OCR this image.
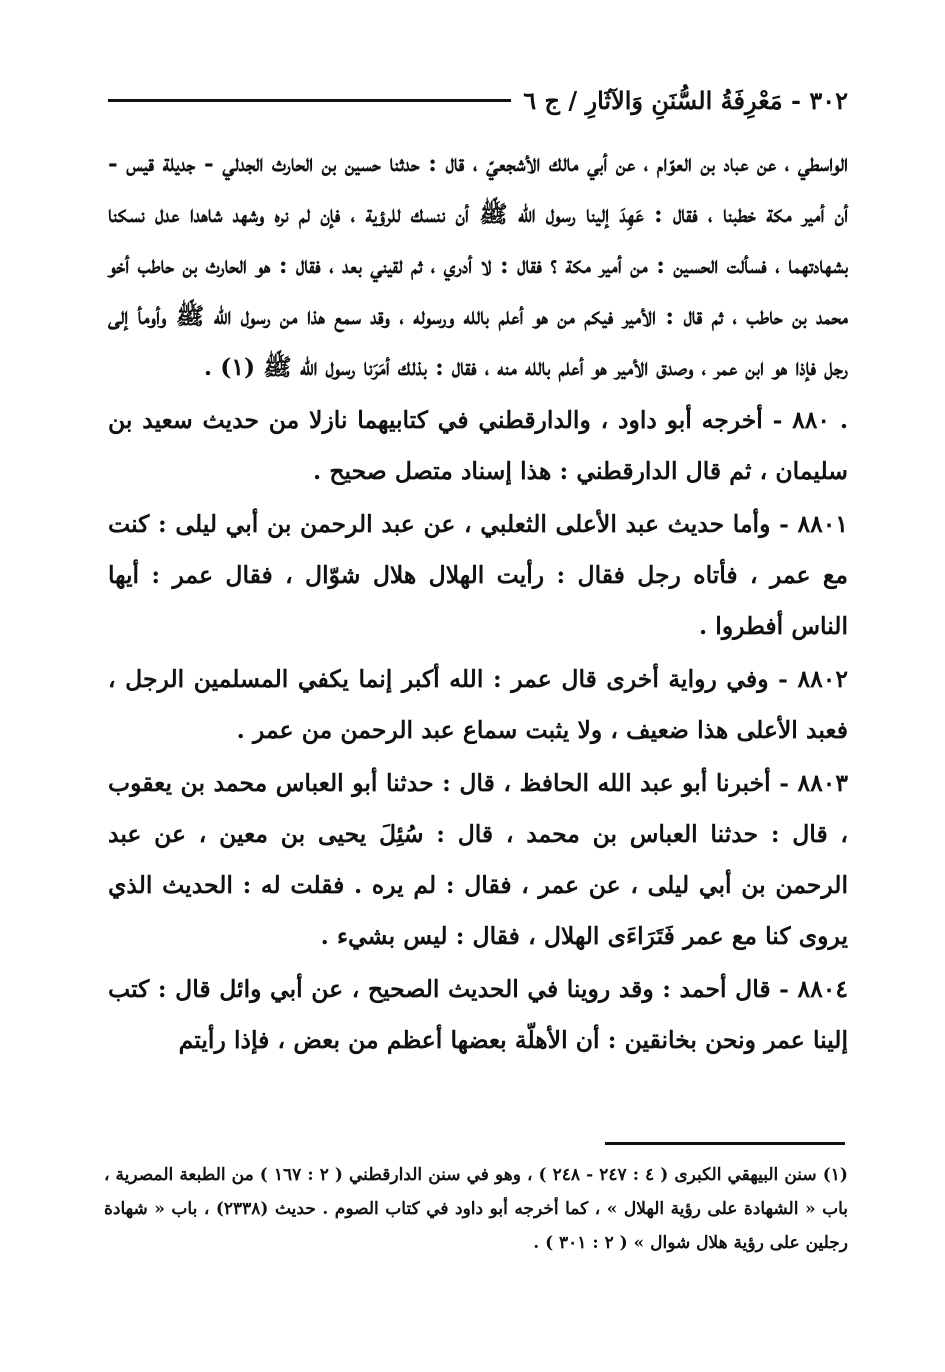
٣٠٢ - مَعْرِفَةُ السُّنَنِ وَالآثَارِ / ج ٦

الواسطي ، عن عباد بن العوّام ، عن أبي مالك الأشجعيّ ، قال : حدثنا حسين بن الحارث الجدلي - جديلة قيس - أن أمير مكة خطبنا ، فقال : عَهِدَ إلينا رسول الله ﷺ أن ننسك للرؤية ، فإن لم نره وشهد شاهدا عدل نسكنا بشهادتهما ، فسألت الحسين : من أمير مكة ؟ فقال : لا أدري ، ثم لقيني بعد ، فقال : هو الحارث بن حاطب أخو محمد بن حاطب ، ثم قال : الأمير فيكم من هو أعلم بالله ورسوله ، وقد سمع هذا من رسول الله ﷺ وأومأ إلى رجل فإذا هو ابن عمر ، وصدق الأمير هو أعلم بالله منه ، فقال : بذلك أمَرَنا رسول الله ﷺ (١) .

. ٨٨٠ - أخرجه أبو داود ، والدارقطني في كتابيهما نازلا من حديث سعيد بن سليمان ، ثم قال الدارقطني : هذا إسناد متصل صحيح .

٨٨٠١ - وأما حديث عبد الأعلى الثعلبي ، عن عبد الرحمن بن أبي ليلى : كنت مع عمر ، فأتاه رجل فقال : رأيت الهلال هلال شوّال ، فقال عمر : أيها الناس أفطروا .

٨٨٠٢ - وفي رواية أخرى قال عمر : الله أكبر إنما يكفي المسلمين الرجل ، فعبد الأعلى هذا ضعيف ، ولا يثبت سماع عبد الرحمن من عمر .

٨٨٠٣ - أخبرنا أبو عبد الله الحافظ ، قال : حدثنا أبو العباس محمد بن يعقوب ، قال : حدثنا العباس بن محمد ، قال : سُئِلَ يحيى بن معين ، عن عبد الرحمن بن أبي ليلى ، عن عمر ، فقال : لم يره . فقلت له : الحديث الذي يروى كنا مع عمر فَتَرَاءَى الهلال ، فقال : ليس بشيء .

٨٨٠٤ - قال أحمد : وقد روينا في الحديث الصحيح ، عن أبي وائل قال : كتب إلينا عمر ونحن بخانقين : أن الأهلّة بعضها أعظم من بعض ، فإذا رأيتم

(١) سنن البيهقي الكبرى ( ٤ : ٢٤٧ - ٢٤٨ ) ، وهو في سنن الدارقطني ( ٢ : ١٦٧ ) من الطبعة المصرية ، باب « الشهادة على رؤية الهلال » ، كما أخرجه أبو داود في كتاب الصوم . حديث (٢٣٣٨) ، باب « شهادة رجلين على رؤية هلال شوال » ( ٢ : ٣٠١ ) .
